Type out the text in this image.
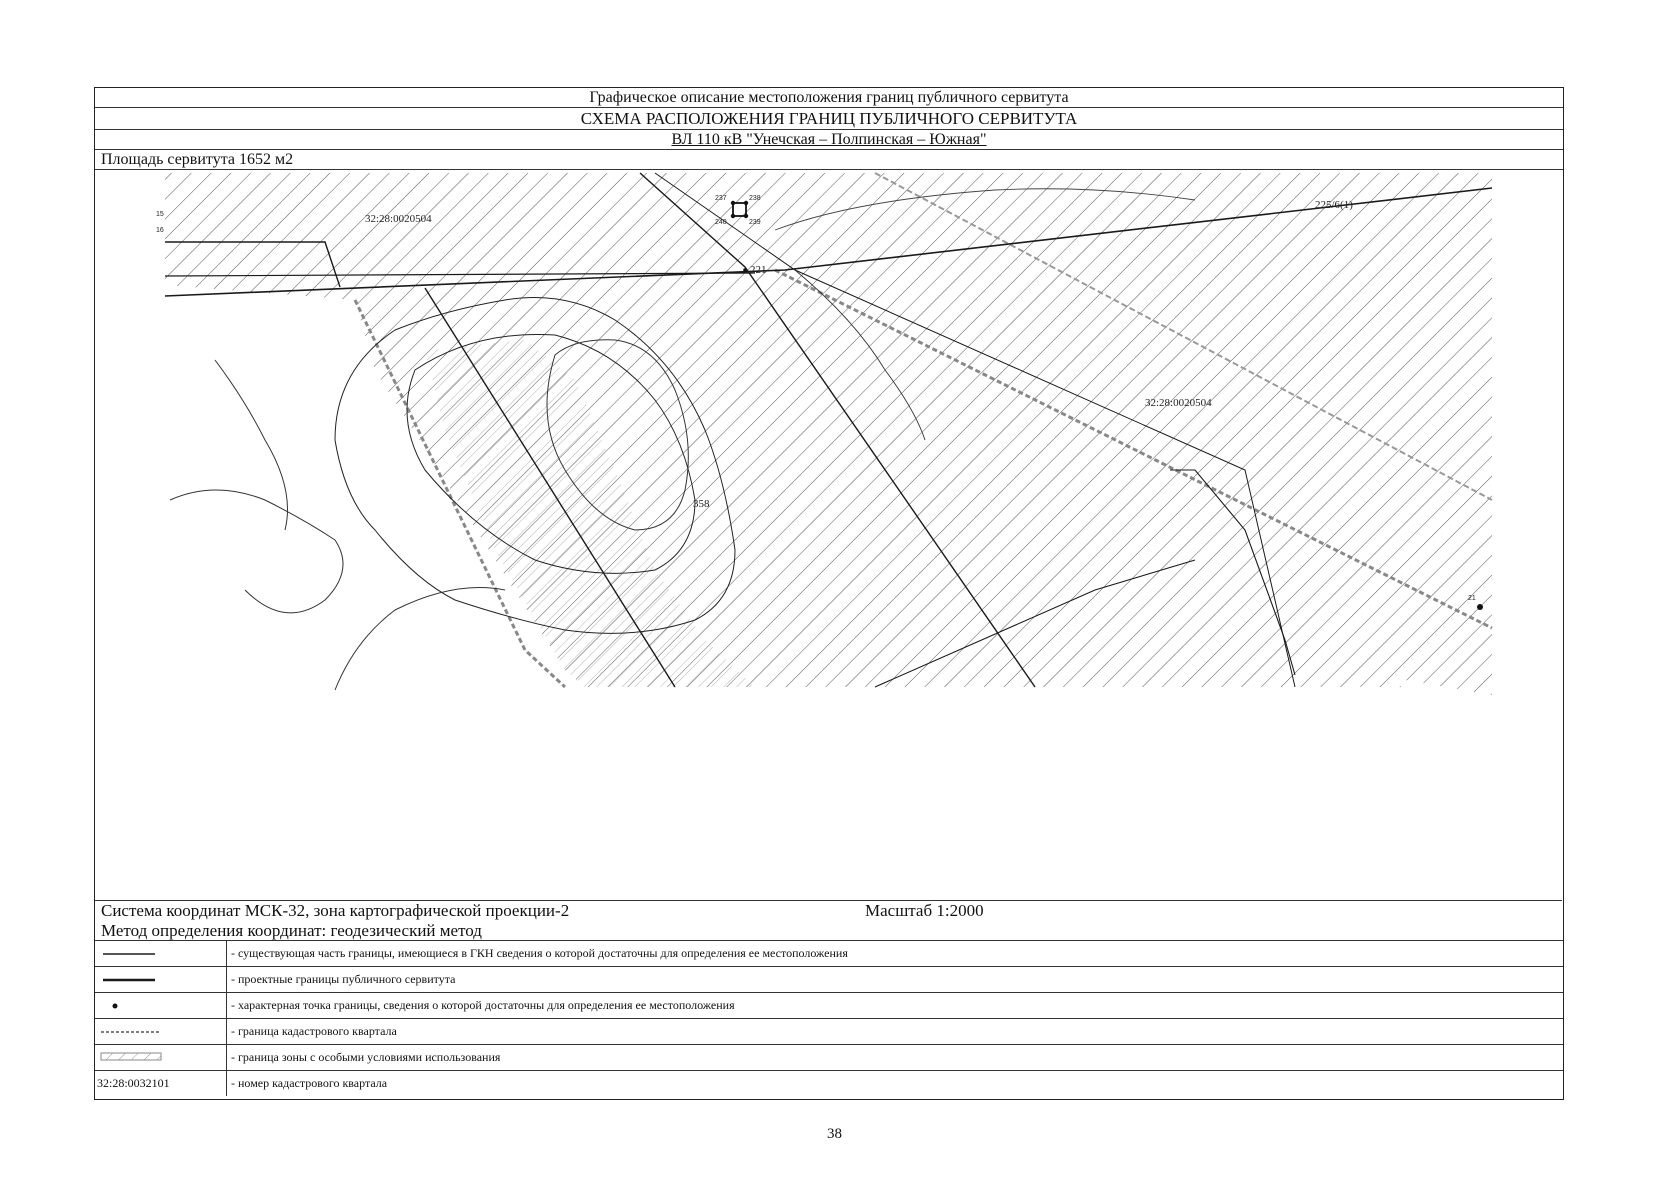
Графическое описание местоположения границ публичного сервитута
СХЕМА РАСПОЛОЖЕНИЯ ГРАНИЦ ПУБЛИЧНОГО СЕРВИТУТА
ВЛ 110 кВ "Унечская – Полпинская – Южная"
Площадь сервитута 1652 м2
32:28:0020504
32:28:0020504
225/6(1)
221
358
237	238
239
240
15
16
21
Система координат МСК-32, зона картографической проекции-2	Масштаб 1:2000
Метод определения координат: геодезический метод
- существующая часть границы, имеющиеся в ГКН сведения о которой достаточны для определения ее местоположения
- проектные границы публичного сервитута
- характерная точка границы, сведения о которой достаточны для определения ее местоположения
- граница кадастрового квартала
- граница зоны с особыми условиями использования
32:28:0032101	- номер кадастрового квартала
38
